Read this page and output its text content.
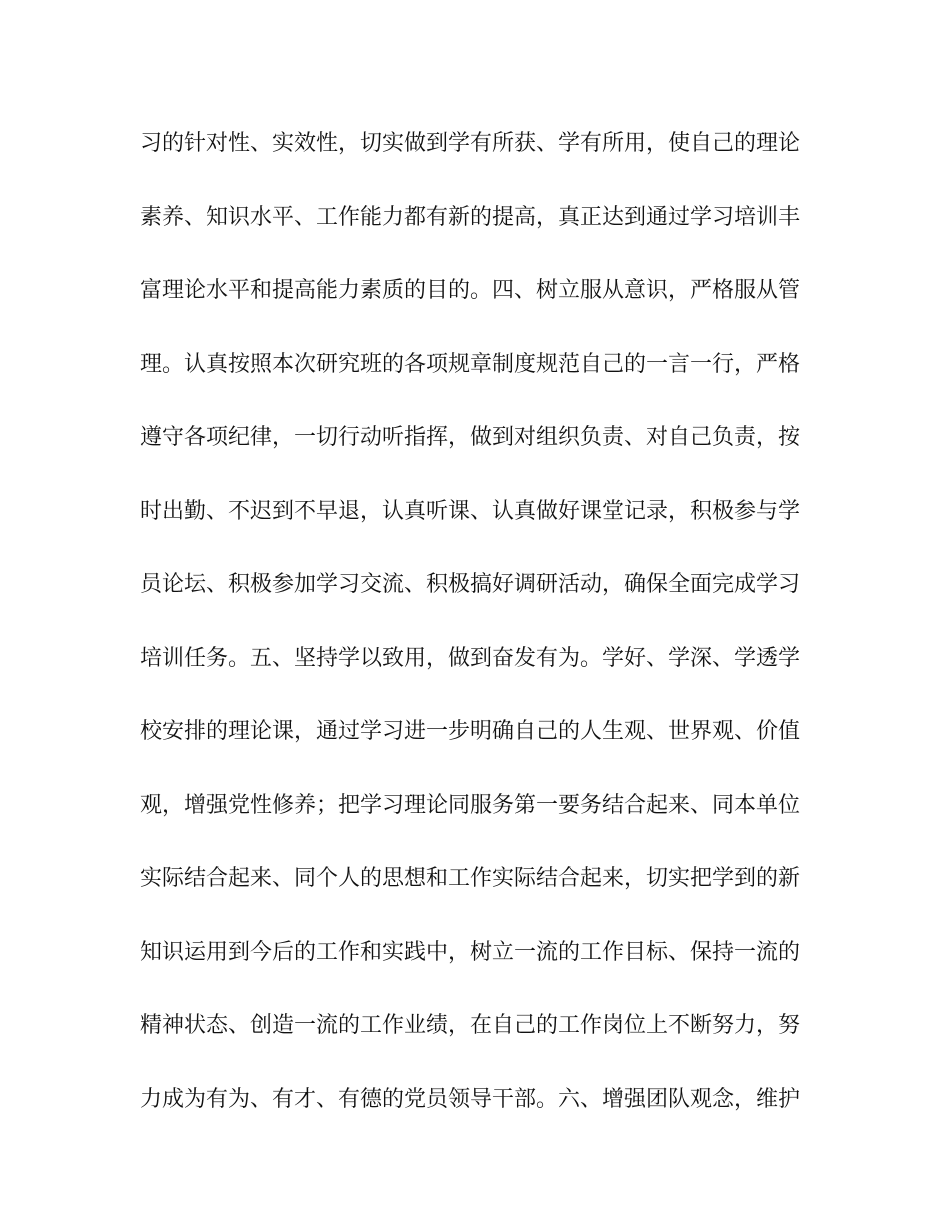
习的针对性、实效性，切实做到学有所获、学有所用，使自己的理论
素养、知识水平、工作能力都有新的提高，真正达到通过学习培训丰
富理论水平和提高能力素质的目的。四、树立服从意识，严格服从管
理。认真按照本次研究班的各项规章制度规范自己的一言一行，严格
遵守各项纪律，一切行动听指挥，做到对组织负责、对自己负责，按
时出勤、不迟到不早退，认真听课、认真做好课堂记录，积极参与学
员论坛、积极参加学习交流、积极搞好调研活动，确保全面完成学习
培训任务。五、坚持学以致用，做到奋发有为。学好、学深、学透学
校安排的理论课，通过学习进一步明确自己的人生观、世界观、价值
观，增强党性修养；把学习理论同服务第一要务结合起来、同本单位
实际结合起来、同个人的思想和工作实际结合起来，切实把学到的新
知识运用到今后的工作和实践中，树立一流的工作目标、保持一流的
精神状态、创造一流的工作业绩，在自己的工作岗位上不断努力，努
力成为有为、有才、有德的党员领导干部。六、增强团队观念，维护
